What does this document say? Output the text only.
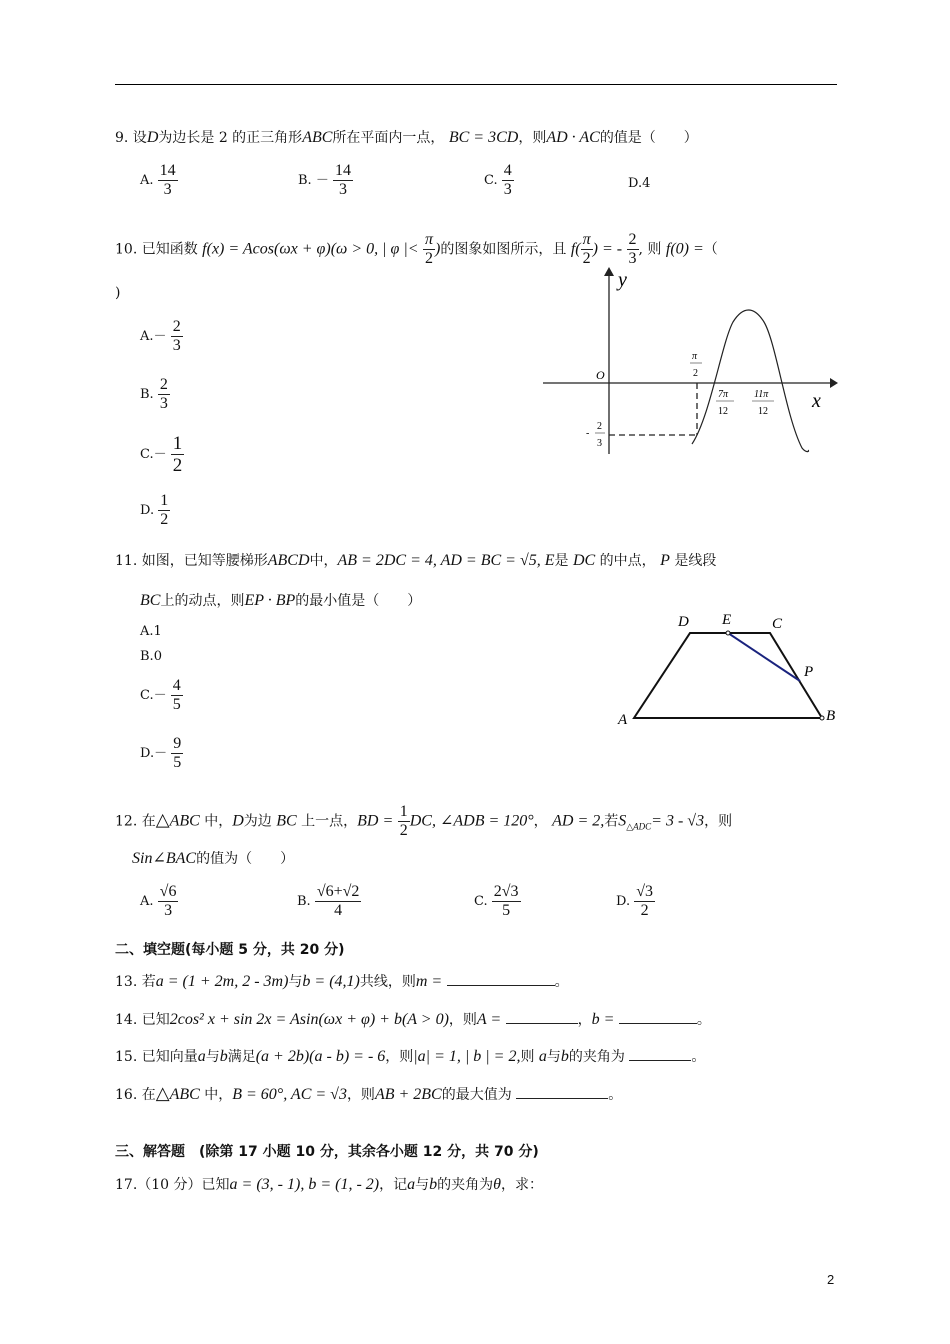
9. 设D为边长是 2 的正三角形ABC所在平面内一点， BC = 3CD，则AD · AC的值是（　　）
A. $\frac{14}{3}$	B. － $\frac{14}{3}$	C. $\frac{4}{3}$	D.4
10. 已知函数 f(x) = Acos(ωx + φ)(ω > 0, | φ |< $\frac{\pi}{2}$ )的图象如图所示，且 $f( \frac{\pi}{2}$ ) = - $\frac{2}{3}$ , 则 f(0) =（
)
$A.- \frac{2}{3}$
B. $\frac{2}{3}$
$C.- \frac{1}{2}$
D. $\frac{1}{2}$
y
x
O
π
2
7π
12
11π
12
-
2
3
11. 如图，已知等腰梯形ABCD中，AB = 2DC = 4, AD = BC = √5, E是 DC 的中点， P 是线段
BC上的动点，则EP · BP的最小值是（　　）
A.1
B.0
$C.- \frac{4}{5}$
$D.- \frac{9}{5}$
A	B
C
D E
P
12. 在△ABC 中，D为边 BC 上一点，BD = $\frac{1}{2}$ DC, ∠ADB = 120°， AD = 2,若$S_{\triangle ADC}= 3 - √3$，则
Sin∠BAC的值为（　　）
A. $\frac{√6}{3}$	B. $\frac{√6+√2}{4}$	C. $\frac{2√3}{5}$	D. $\frac{√3}{2}$
二、填空题(每小题 5 分，共 20 分)
13. 若a = (1 + 2m, 2 - 3m)与b = (4,1)共线，则m =	。
14. 已知2cos² x + sin 2x = Asin(ωx + φ) + b(A > 0)，则A =	，b =	。
15. 已知向量a与b满足(a + 2b)(a - b) = - 6，则|a| = 1, | b | = 2,则 a与b的夹角为	。
16. 在△ABC 中，B = 60°, AC = √3，则AB + 2BC的最大值为	。
三、解答题　(除第 17 小题 10 分，其余各小题 12 分，共 70 分)
17.（10 分）已知a = (3, - 1), b = (1, - 2)，记a与b的夹角为θ，求：
2
